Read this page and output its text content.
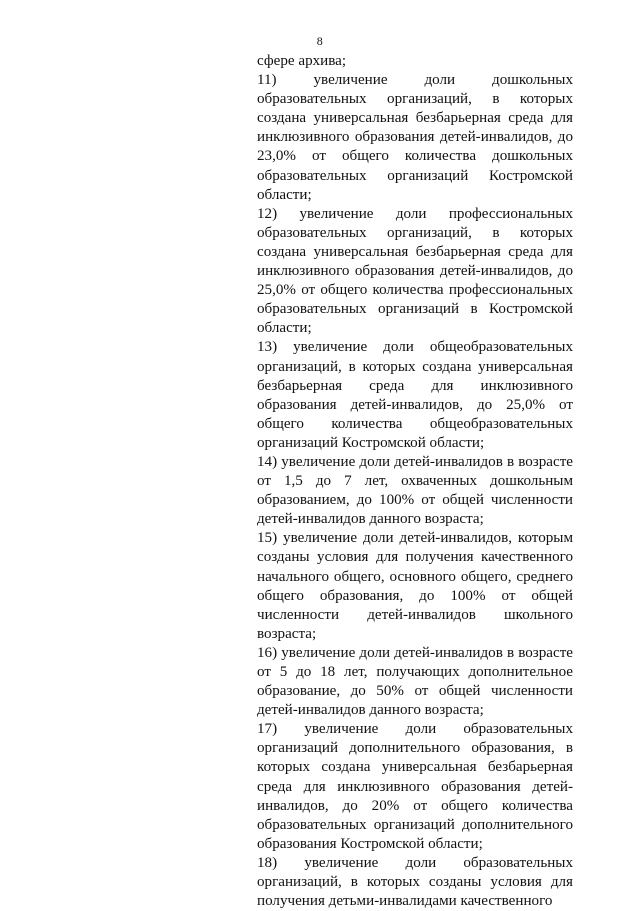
8
сфере архива;
11) увеличение доли дошкольных образовательных организаций, в которых создана универсальная безбарьерная среда для инклюзивного образования детей-инвалидов, до 23,0% от общего количества дошкольных образовательных организаций Костромской области;
12) увеличение доли профессиональных образовательных организаций, в которых создана универсальная безбарьерная среда для инклюзивного образования детей-инвалидов, до 25,0% от общего количества профессиональных образовательных организаций в Костромской области;
13) увеличение доли общеобразовательных организаций, в которых создана универсальная безбарьерная среда для инклюзивного образования детей-инвалидов, до 25,0% от общего количества общеобразовательных организаций Костромской области;
14) увеличение доли детей-инвалидов в возрасте от 1,5 до 7 лет, охваченных дошкольным образованием, до 100% от общей численности детей-инвалидов данного возраста;
15) увеличение доли детей-инвалидов, которым созданы условия для получения качественного начального общего, основного общего, среднего общего образования, до 100% от общей численности детей-инвалидов школьного возраста;
16) увеличение доли детей-инвалидов в возрасте от 5 до 18 лет, получающих дополнительное образование, до 50% от общей численности детей-инвалидов данного возраста;
17) увеличение доли образовательных организаций дополнительного образования, в которых создана универсальная безбарьерная среда для инклюзивного образования детей-инвалидов, до 20% от общего количества образовательных организаций дополнительного образования Костромской области;
18) увеличение доли образовательных организаций, в которых созданы условия для получения детьми-инвалидами качественного
